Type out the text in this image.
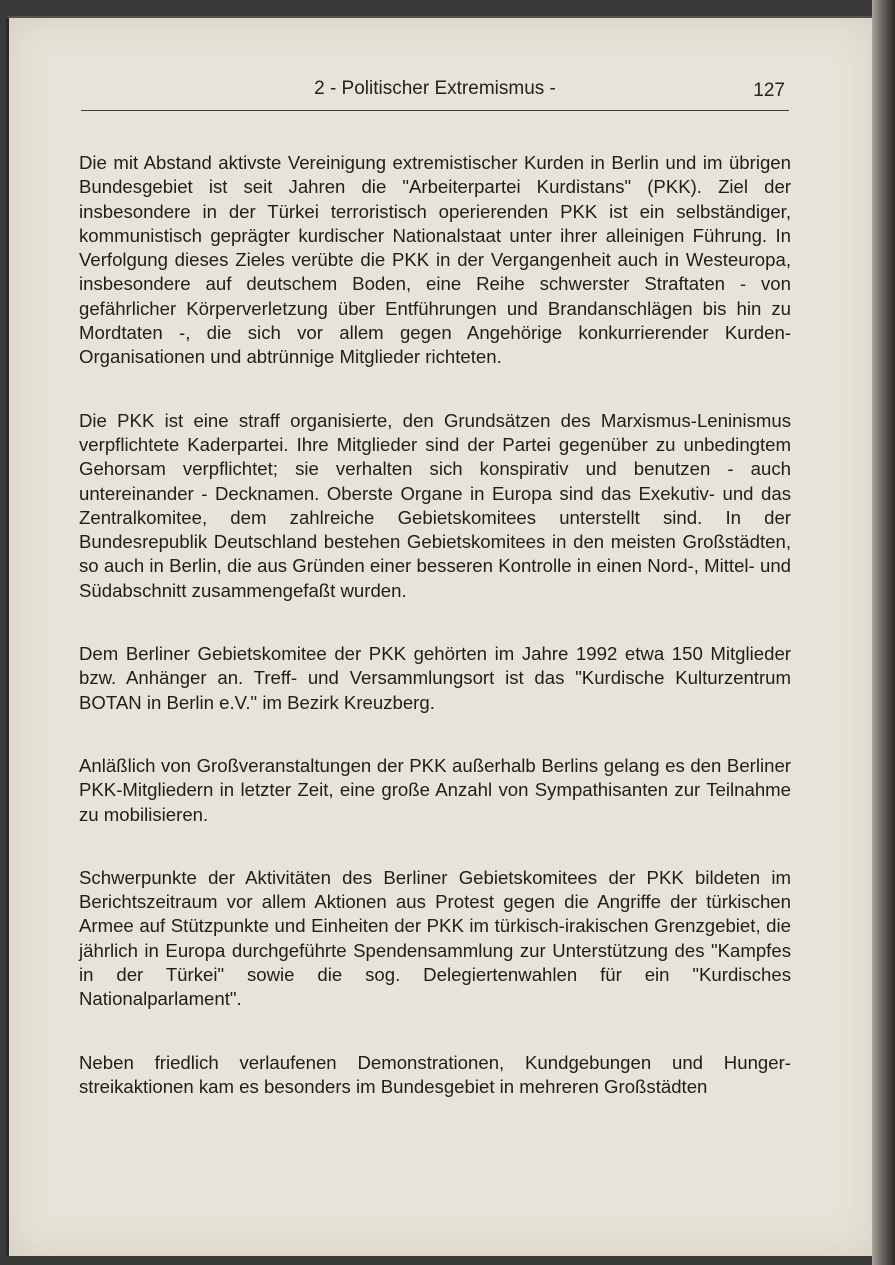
2 - Politischer Extremismus -	127

Die mit Abstand aktivste Vereinigung extremistischer Kurden in Berlin und im übrigen Bundesgebiet ist seit Jahren die "Arbeiterpartei Kurdistans" (PKK). Ziel der insbesondere in der Türkei terroristisch operierenden PKK ist ein selbständiger, kommunistisch geprägter kurdischer Nationalstaat unter ihrer alleinigen Führung. In Verfolgung dieses Zieles verübte die PKK in der Vergangenheit auch in Westeuropa, insbesondere auf deutschem Boden, eine Reihe schwerster Straftaten - von gefährlicher Körperverletzung über Entführungen und Brandanschlägen bis hin zu Mordtaten -, die sich vor allem gegen Angehörige konkurrierender Kurden-Organisationen und abtrünnige Mitglieder richteten.

Die PKK ist eine straff organisierte, den Grundsätzen des Marxismus-Leninismus verpflichtete Kaderpartei. Ihre Mitglieder sind der Partei gegenüber zu unbedingtem Gehorsam verpflichtet; sie verhalten sich konspirativ und benutzen - auch untereinander - Decknamen. Oberste Organe in Europa sind das Exekutiv- und das Zentralkomitee, dem zahlreiche Gebietskomitees unterstellt sind. In der Bundesrepublik Deutschland bestehen Gebietskomitees in den meisten Großstädten, so auch in Berlin, die aus Gründen einer besseren Kontrolle in einen Nord-, Mittel- und Südabschnitt zusammengefaßt wurden.

Dem Berliner Gebietskomitee der PKK gehörten im Jahre 1992 etwa 150 Mitglieder bzw. Anhänger an. Treff- und Versammlungsort ist das "Kurdische Kulturzentrum BOTAN in Berlin e.V." im Bezirk Kreuzberg.

Anläßlich von Großveranstaltungen der PKK außerhalb Berlins gelang es den Berliner PKK-Mitgliedern in letzter Zeit, eine große Anzahl von Sympathisanten zur Teilnahme zu mobilisieren.

Schwerpunkte der Aktivitäten des Berliner Gebietskomitees der PKK bildeten im Berichtszeitraum vor allem Aktionen aus Protest gegen die Angriffe der türkischen Armee auf Stützpunkte und Einheiten der PKK im türkisch-irakischen Grenzgebiet, die jährlich in Europa durchgeführte Spendensammlung zur Unterstützung des "Kampfes in der Türkei" sowie die sog. Delegiertenwahlen für ein "Kurdisches Nationalparlament".

Neben friedlich verlaufenen Demonstrationen, Kundgebungen und Hungerstreikaktionen kam es besonders im Bundesgebiet in mehreren Großstädten
